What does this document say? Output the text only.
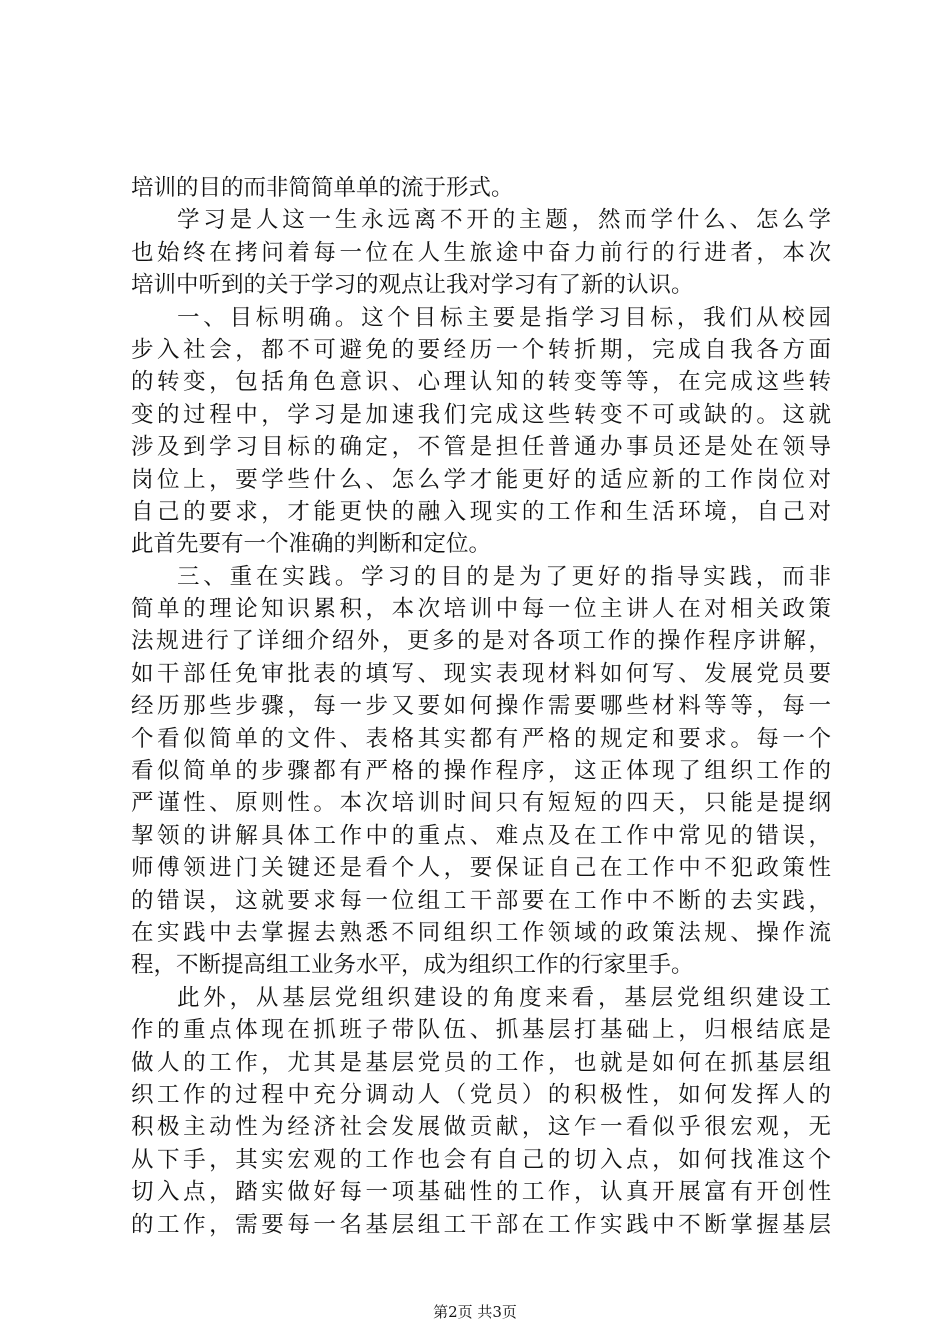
培训的目的而非简简单单的流于形式。
学习是人这一生永远离不开的主题，然而学什么、怎么学
也始终在拷问着每一位在人生旅途中奋力前行的行进者，本次
培训中听到的关于学习的观点让我对学习有了新的认识。
一、目标明确。这个目标主要是指学习目标，我们从校园
步入社会，都不可避免的要经历一个转折期，完成自我各方面
的转变，包括角色意识、心理认知的转变等等，在完成这些转
变的过程中，学习是加速我们完成这些转变不可或缺的。这就
涉及到学习目标的确定，不管是担任普通办事员还是处在领导
岗位上，要学些什么、怎么学才能更好的适应新的工作岗位对
自己的要求，才能更快的融入现实的工作和生活环境，自己对
此首先要有一个准确的判断和定位。
三、重在实践。学习的目的是为了更好的指导实践，而非
简单的理论知识累积，本次培训中每一位主讲人在对相关政策
法规进行了详细介绍外，更多的是对各项工作的操作程序讲解，
如干部任免审批表的填写、现实表现材料如何写、发展党员要
经历那些步骤，每一步又要如何操作需要哪些材料等等，每一
个看似简单的文件、表格其实都有严格的规定和要求。每一个
看似简单的步骤都有严格的操作程序，这正体现了组织工作的
严谨性、原则性。本次培训时间只有短短的四天，只能是提纲
挈领的讲解具体工作中的重点、难点及在工作中常见的错误，
师傅领进门关键还是看个人，要保证自己在工作中不犯政策性
的错误，这就要求每一位组工干部要在工作中不断的去实践，
在实践中去掌握去熟悉不同组织工作领域的政策法规、操作流
程，不断提高组工业务水平，成为组织工作的行家里手。
此外，从基层党组织建设的角度来看，基层党组织建设工
作的重点体现在抓班子带队伍、抓基层打基础上，归根结底是
做人的工作，尤其是基层党员的工作，也就是如何在抓基层组
织工作的过程中充分调动人（党员）的积极性，如何发挥人的
积极主动性为经济社会发展做贡献，这乍一看似乎很宏观，无
从下手，其实宏观的工作也会有自己的切入点，如何找准这个
切入点，踏实做好每一项基础性的工作，认真开展富有开创性
的工作，需要每一名基层组工干部在工作实践中不断掌握基层
第2页 共3页
